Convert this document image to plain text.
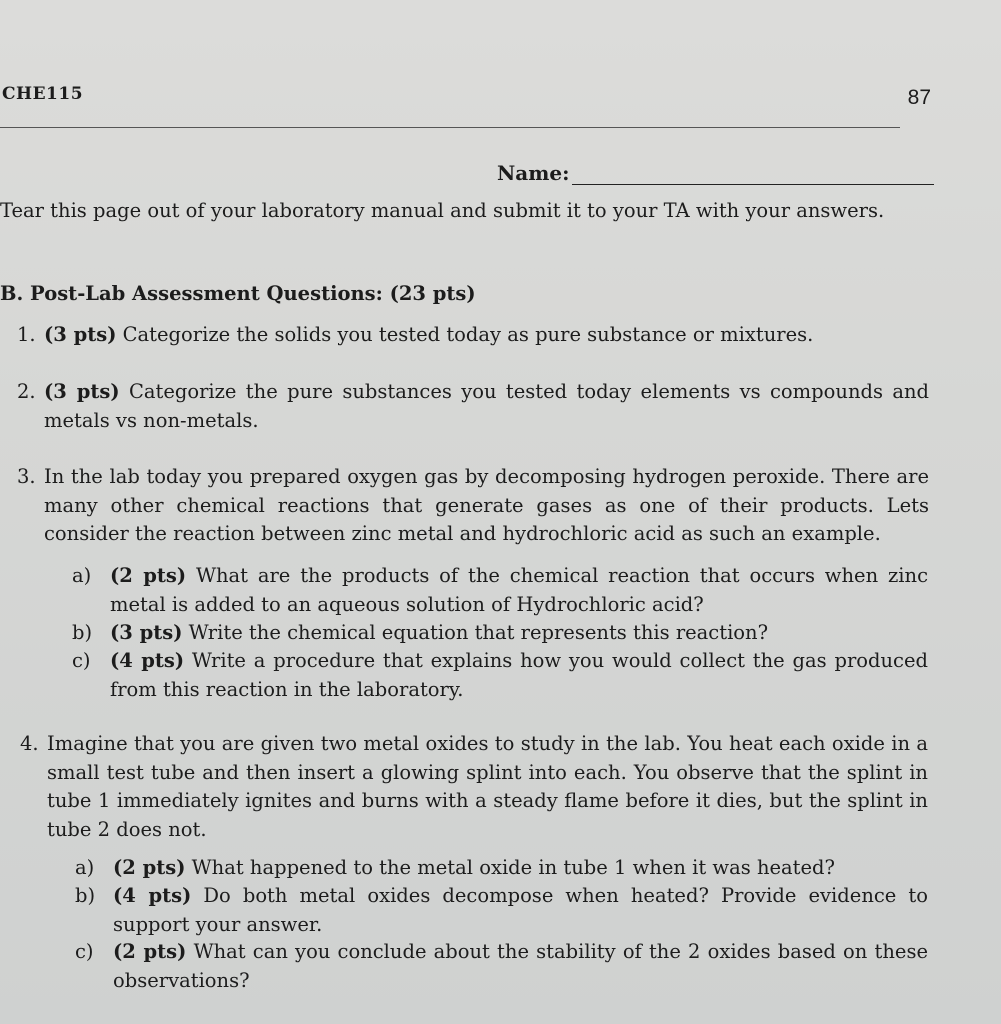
CHE115	87
Name:
Tear this page out of your laboratory manual and submit it to your TA with your answers.
B. Post-Lab Assessment Questions: (23 pts)
1. (3 pts) Categorize the solids you tested today as pure substance or mixtures.
2. (3 pts) Categorize the pure substances you tested today elements vs compounds and metals vs non-metals.
3. In the lab today you prepared oxygen gas by decomposing hydrogen peroxide. There are many other chemical reactions that generate gases as one of their products. Lets consider the reaction between zinc metal and hydrochloric acid as such an example.
a) (2 pts) What are the products of the chemical reaction that occurs when zinc metal is added to an aqueous solution of Hydrochloric acid?
b) (3 pts) Write the chemical equation that represents this reaction?
c) (4 pts) Write a procedure that explains how you would collect the gas produced from this reaction in the laboratory.
4. Imagine that you are given two metal oxides to study in the lab. You heat each oxide in a small test tube and then insert a glowing splint into each. You observe that the splint in tube 1 immediately ignites and burns with a steady flame before it dies, but the splint in tube 2 does not.
a) (2 pts) What happened to the metal oxide in tube 1 when it was heated?
b) (4 pts) Do both metal oxides decompose when heated? Provide evidence to support your answer.
c) (2 pts) What can you conclude about the stability of the 2 oxides based on these observations?
